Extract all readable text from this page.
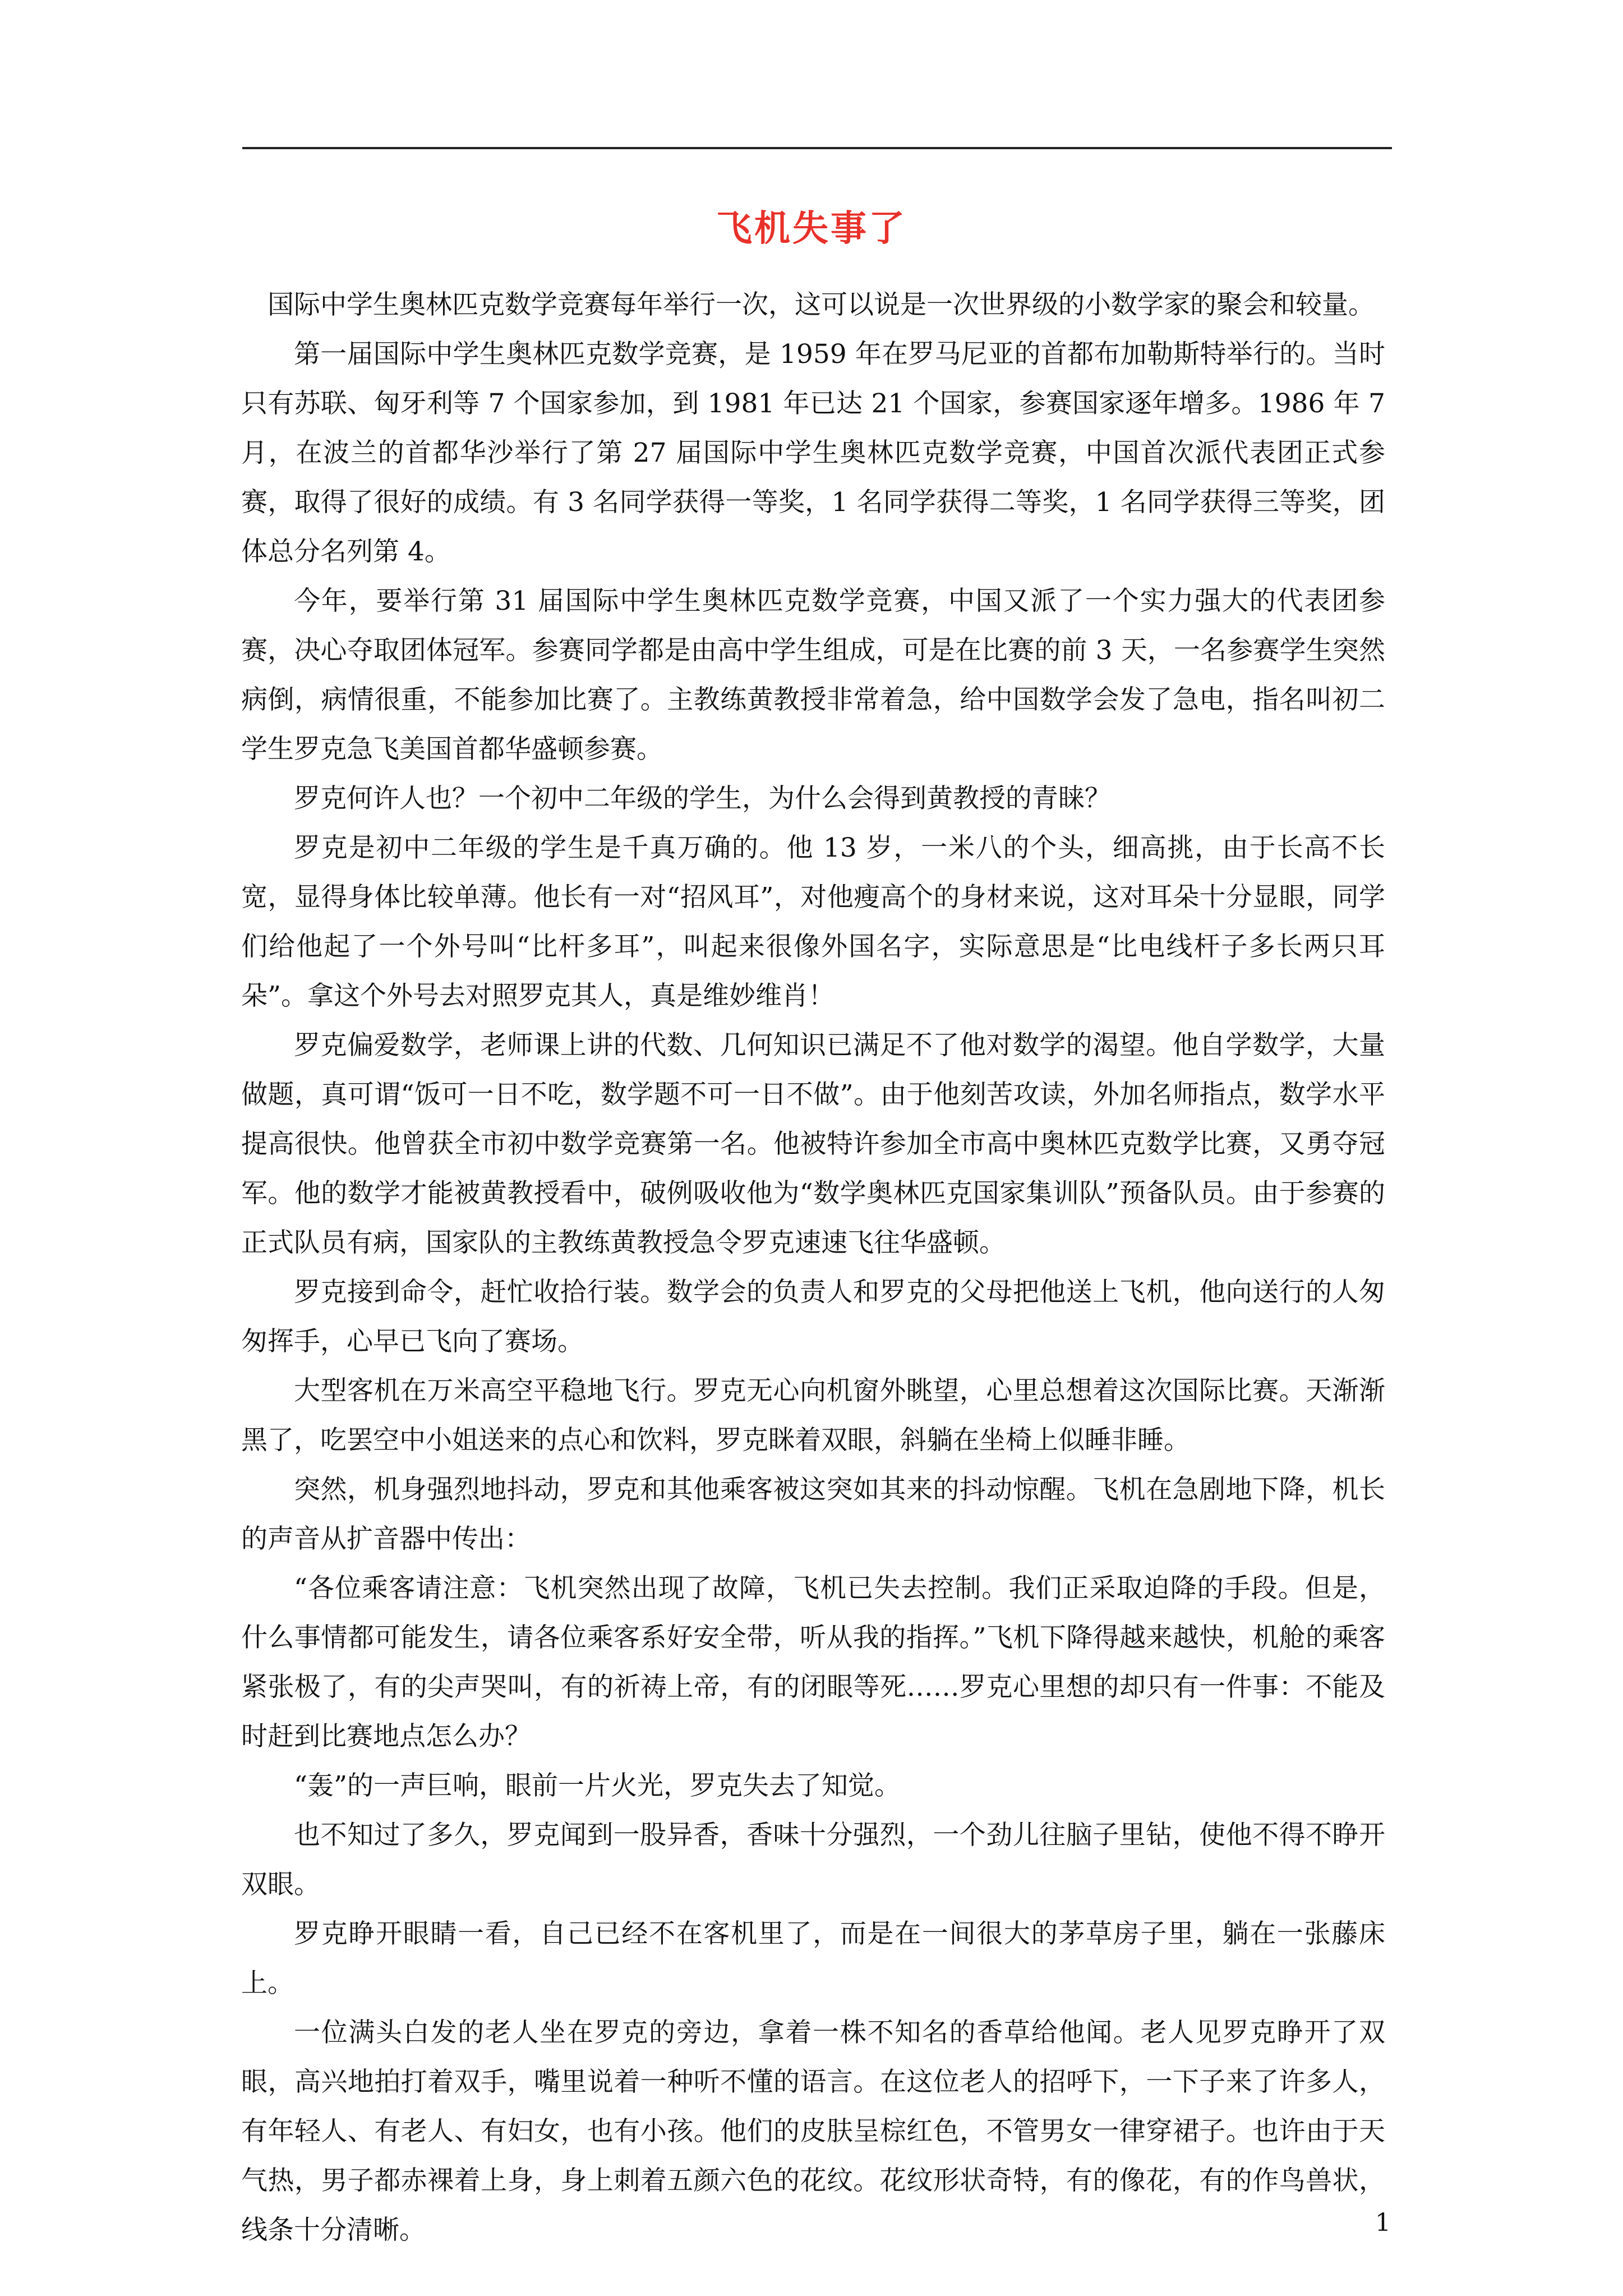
飞机失事了

国际中学生奥林匹克数学竞赛每年举行一次，这可以说是一次世界级的小数学家的聚会和较量。

第一届国际中学生奥林匹克数学竞赛，是 1959 年在罗马尼亚的首都布加勒斯特举行的。当时只有苏联、匈牙利等 7 个国家参加，到 1981 年已达 21 个国家，参赛国家逐年增多。1986 年 7 月，在波兰的首都华沙举行了第 27 届国际中学生奥林匹克数学竞赛，中国首次派代表团正式参赛，取得了很好的成绩。有 3 名同学获得一等奖，1 名同学获得二等奖，1 名同学获得三等奖，团体总分名列第 4。

今年，要举行第 31 届国际中学生奥林匹克数学竞赛，中国又派了一个实力强大的代表团参赛，决心夺取团体冠军。参赛同学都是由高中学生组成，可是在比赛的前 3 天，一名参赛学生突然病倒，病情很重，不能参加比赛了。主教练黄教授非常着急，给中国数学会发了急电，指名叫初二学生罗克急飞美国首都华盛顿参赛。

罗克何许人也？一个初中二年级的学生，为什么会得到黄教授的青睐？

罗克是初中二年级的学生是千真万确的。他 13 岁，一米八的个头，细高挑，由于长高不长宽，显得身体比较单薄。他长有一对“招风耳”，对他瘦高个的身材来说，这对耳朵十分显眼，同学们给他起了一个外号叫“比杆多耳”，叫起来很像外国名字，实际意思是“比电线杆子多长两只耳朵”。拿这个外号去对照罗克其人，真是维妙维肖！

罗克偏爱数学，老师课上讲的代数、几何知识已满足不了他对数学的渴望。他自学数学，大量做题，真可谓“饭可一日不吃，数学题不可一日不做”。由于他刻苦攻读，外加名师指点，数学水平提高很快。他曾获全市初中数学竞赛第一名。他被特许参加全市高中奥林匹克数学比赛，又勇夺冠军。他的数学才能被黄教授看中，破例吸收他为“数学奥林匹克国家集训队”预备队员。由于参赛的正式队员有病，国家队的主教练黄教授急令罗克速速飞往华盛顿。

罗克接到命令，赶忙收拾行装。数学会的负责人和罗克的父母把他送上飞机，他向送行的人匆匆挥手，心早已飞向了赛场。

大型客机在万米高空平稳地飞行。罗克无心向机窗外眺望，心里总想着这次国际比赛。天渐渐黑了，吃罢空中小姐送来的点心和饮料，罗克眯着双眼，斜躺在坐椅上似睡非睡。

突然，机身强烈地抖动，罗克和其他乘客被这突如其来的抖动惊醒。飞机在急剧地下降，机长的声音从扩音器中传出：

“各位乘客请注意：飞机突然出现了故障，飞机已失去控制。我们正采取迫降的手段。但是，什么事情都可能发生，请各位乘客系好安全带，听从我的指挥。”飞机下降得越来越快，机舱的乘客紧张极了，有的尖声哭叫，有的祈祷上帝，有的闭眼等死……罗克心里想的却只有一件事：不能及时赶到比赛地点怎么办？

“轰”的一声巨响，眼前一片火光，罗克失去了知觉。

也不知过了多久，罗克闻到一股异香，香味十分强烈，一个劲儿往脑子里钻，使他不得不睁开双眼。

罗克睁开眼睛一看，自己已经不在客机里了，而是在一间很大的茅草房子里，躺在一张藤床上。

一位满头白发的老人坐在罗克的旁边，拿着一株不知名的香草给他闻。老人见罗克睁开了双眼，高兴地拍打着双手，嘴里说着一种听不懂的语言。在这位老人的招呼下，一下子来了许多人，有年轻人、有老人、有妇女，也有小孩。他们的皮肤呈棕红色，不管男女一律穿裙子。也许由于天气热，男子都赤裸着上身，身上刺着五颜六色的花纹。花纹形状奇特，有的像花，有的作鸟兽状，线条十分清晰。	1
